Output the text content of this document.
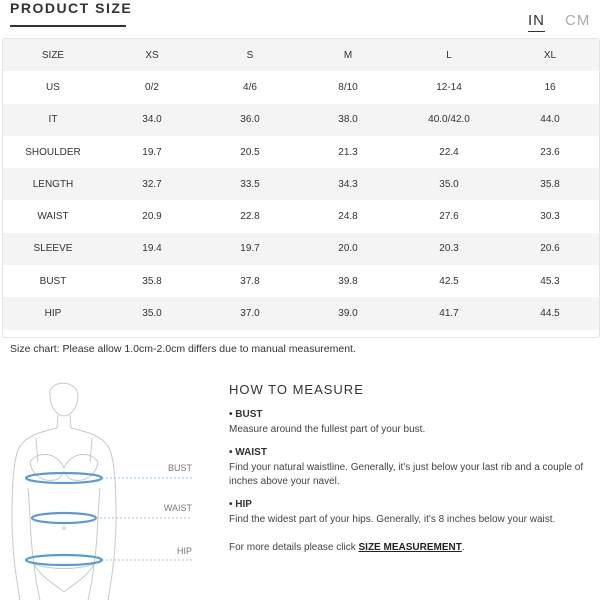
PRODUCT SIZE
IN CM
SIZE	XS	S	M	L	XL
US	0/2	4/6	8/10	12-14	16
IT	34.0	36.0	38.0	40.0/42.0	44.0
SHOULDER	19.7	20.5	21.3	22.4	23.6
LENGTH	32.7	33.5	34.3	35.0	35.8
WAIST	20.9	22.8	24.8	27.6	30.3
SLEEVE	19.4	19.7	20.0	20.3	20.6
BUST	35.8	37.8	39.8	42.5	45.3
HIP	35.0	37.0	39.0	41.7	44.5
Size chart: Please allow 1.0cm-2.0cm differs due to manual measurement.
BUST
WAIST
HIP
HOW TO MEASURE
• BUST
Measure around the fullest part of your bust.
• WAIST
Find your natural waistline. Generally, it's just below your last rib and a couple of inches above your navel.
• HIP
Find the widest part of your hips. Generally, it's 8 inches below your waist.
For more details please click SIZE MEASUREMENT.
